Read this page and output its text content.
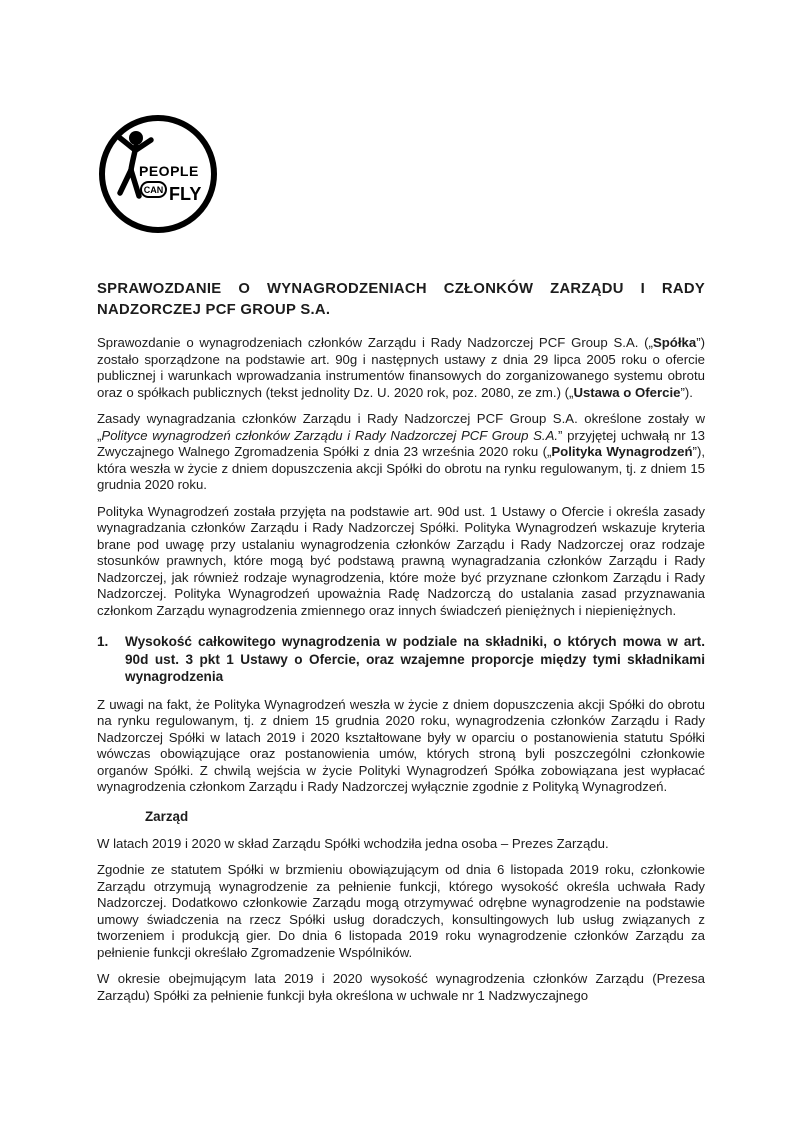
PEOPLE
CAN FLY
SPRAWOZDANIE O WYNAGRODZENIACH CZŁONKÓW ZARZĄDU I RADY NADZORCZEJ PCF GROUP S.A.

Sprawozdanie o wynagrodzeniach członków Zarządu i Rady Nadzorczej PCF Group S.A. („Spółka”) zostało sporządzone na podstawie art. 90g i następnych ustawy z dnia 29 lipca 2005 roku o ofercie publicznej i warunkach wprowadzania instrumentów finansowych do zorganizowanego systemu obrotu oraz o spółkach publicznych (tekst jednolity Dz. U. 2020 rok, poz. 2080, ze zm.) („Ustawa o Ofercie”).

Zasady wynagradzania członków Zarządu i Rady Nadzorczej PCF Group S.A. określone zostały w „Polityce wynagrodzeń członków Zarządu i Rady Nadzorczej PCF Group S.A.” przyjętej uchwałą nr 13 Zwyczajnego Walnego Zgromadzenia Spółki z dnia 23 września 2020 roku („Polityka Wynagrodzeń”), która weszła w życie z dniem dopuszczenia akcji Spółki do obrotu na rynku regulowanym, tj. z dniem 15 grudnia 2020 roku.

Polityka Wynagrodzeń została przyjęta na podstawie art. 90d ust. 1 Ustawy o Ofercie i określa zasady wynagradzania członków Zarządu i Rady Nadzorczej Spółki. Polityka Wynagrodzeń wskazuje kryteria brane pod uwagę przy ustalaniu wynagrodzenia członków Zarządu i Rady Nadzorczej oraz rodzaje stosunków prawnych, które mogą być podstawą prawną wynagradzania członków Zarządu i Rady Nadzorczej, jak również rodzaje wynagrodzenia, które może być przyznane członkom Zarządu i Rady Nadzorczej. Polityka Wynagrodzeń upoważnia Radę Nadzorczą do ustalania zasad przyznawania członkom Zarządu wynagrodzenia zmiennego oraz innych świadczeń pieniężnych i niepieniężnych.

1. Wysokość całkowitego wynagrodzenia w podziale na składniki, o których mowa w art. 90d ust. 3 pkt 1 Ustawy o Ofercie, oraz wzajemne proporcje między tymi składnikami wynagrodzenia

Z uwagi na fakt, że Polityka Wynagrodzeń weszła w życie z dniem dopuszczenia akcji Spółki do obrotu na rynku regulowanym, tj. z dniem 15 grudnia 2020 roku, wynagrodzenia członków Zarządu i Rady Nadzorczej Spółki w latach 2019 i 2020 kształtowane były w oparciu o postanowienia statutu Spółki wówczas obowiązujące oraz postanowienia umów, których stroną byli poszczególni członkowie organów Spółki. Z chwilą wejścia w życie Polityki Wynagrodzeń Spółka zobowiązana jest wypłacać wynagrodzenia członkom Zarządu i Rady Nadzorczej wyłącznie zgodnie z Polityką Wynagrodzeń.

Zarząd

W latach 2019 i 2020 w skład Zarządu Spółki wchodziła jedna osoba – Prezes Zarządu.

Zgodnie ze statutem Spółki w brzmieniu obowiązującym od dnia 6 listopada 2019 roku, członkowie Zarządu otrzymują wynagrodzenie za pełnienie funkcji, którego wysokość określa uchwała Rady Nadzorczej. Dodatkowo członkowie Zarządu mogą otrzymywać odrębne wynagrodzenie na podstawie umowy świadczenia na rzecz Spółki usług doradczych, konsultingowych lub usług związanych z tworzeniem i produkcją gier. Do dnia 6 listopada 2019 roku wynagrodzenie członków Zarządu za pełnienie funkcji określało Zgromadzenie Wspólników.

W okresie obejmującym lata 2019 i 2020 wysokość wynagrodzenia członków Zarządu (Prezesa Zarządu) Spółki za pełnienie funkcji była określona w uchwale nr 1 Nadzwyczajnego
